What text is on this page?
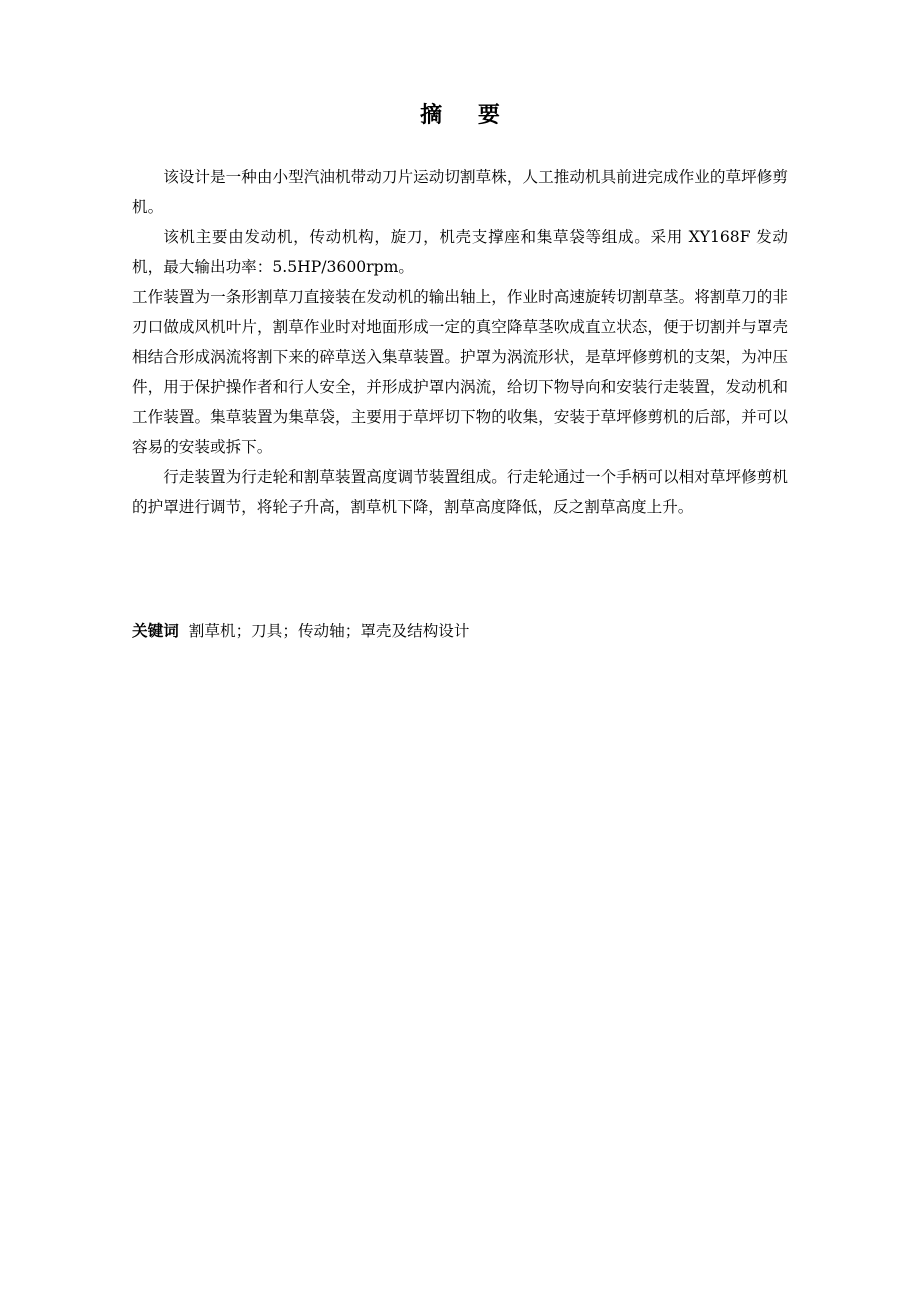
摘 要

该设计是一种由小型汽油机带动刀片运动切割草株，人工推动机具前进完成作业的草坪修剪机。

该机主要由发动机，传动机构，旋刀，机壳支撑座和集草袋等组成。采用 XY168F 发动机，最大输出功率：5.5HP/3600rpm。

工作装置为一条形割草刀直接装在发动机的输出轴上，作业时高速旋转切割草茎。将割草刀的非刃口做成风机叶片，割草作业时对地面形成一定的真空降草茎吹成直立状态，便于切割并与罩壳相结合形成涡流将割下来的碎草送入集草装置。护罩为涡流形状，是草坪修剪机的支架，为冲压件，用于保护操作者和行人安全，并形成护罩内涡流，给切下物导向和安装行走装置，发动机和工作装置。集草装置为集草袋，主要用于草坪切下物的收集，安装于草坪修剪机的后部，并可以容易的安装或拆下。

行走装置为行走轮和割草装置高度调节装置组成。行走轮通过一个手柄可以相对草坪修剪机的护罩进行调节，将轮子升高，割草机下降，割草高度降低，反之割草高度上升。

关键词 割草机；刀具；传动轴；罩壳及结构设计
